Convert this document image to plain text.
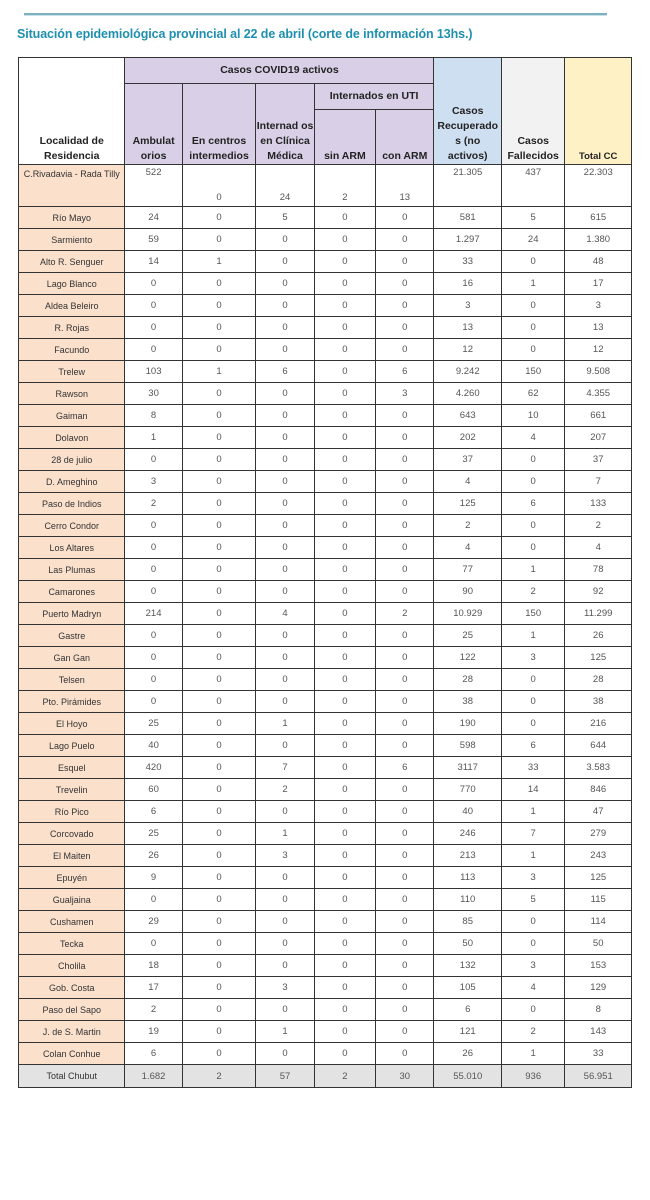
Situación epidemiológica provincial al 22 de abril (corte de información 13hs.)
Localidad de Residencia	Casos COVID19 activos					Casos Recuperado s (no activos)	Casos Fallecidos	Total CC
	Ambulat orios	En centros intermedios	Internad os en Clínica Médica	Internados en UTI				
				sin ARM	con ARM			
C.Rivadavia - Rada Tilly	522	0	24	2	13	21.305	437	22.303
Río Mayo	24	0	5	0	0	581	5	615
Sarmiento	59	0	0	0	0	1.297	24	1.380
Alto R. Senguer	14	1	0	0	0	33	0	48
Lago Blanco	0	0	0	0	0	16	1	17
Aldea Beleiro	0	0	0	0	0	3	0	3
R. Rojas	0	0	0	0	0	13	0	13
Facundo	0	0	0	0	0	12	0	12
Trelew	103	1	6	0	6	9.242	150	9.508
Rawson	30	0	0	0	3	4.260	62	4.355
Gaiman	8	0	0	0	0	643	10	661
Dolavon	1	0	0	0	0	202	4	207
28 de julio	0	0	0	0	0	37	0	37
D. Ameghino	3	0	0	0	0	4	0	7
Paso de Indios	2	0	0	0	0	125	6	133
Cerro Condor	0	0	0	0	0	2	0	2
Los Altares	0	0	0	0	0	4	0	4
Las Plumas	0	0	0	0	0	77	1	78
Camarones	0	0	0	0	0	90	2	92
Puerto Madryn	214	0	4	0	2	10.929	150	11.299
Gastre	0	0	0	0	0	25	1	26
Gan Gan	0	0	0	0	0	122	3	125
Telsen	0	0	0	0	0	28	0	28
Pto. Pirámides	0	0	0	0	0	38	0	38
El Hoyo	25	0	1	0	0	190	0	216
Lago Puelo	40	0	0	0	0	598	6	644
Esquel	420	0	7	0	6	3117	33	3.583
Trevelin	60	0	2	0	0	770	14	846
Río Pico	6	0	0	0	0	40	1	47
Corcovado	25	0	1	0	0	246	7	279
El Maiten	26	0	3	0	0	213	1	243
Epuyén	9	0	0	0	0	113	3	125
Gualjaina	0	0	0	0	0	110	5	115
Cushamen	29	0	0	0	0	85	0	114
Tecka	0	0	0	0	0	50	0	50
Cholila	18	0	0	0	0	132	3	153
Gob. Costa	17	0	3	0	0	105	4	129
Paso del Sapo	2	0	0	0	0	6	0	8
J. de S. Martin	19	0	1	0	0	121	2	143
Colan Conhue	6	0	0	0	0	26	1	33
Total Chubut	1.682	2	57	2	30	55.010	936	56.951
